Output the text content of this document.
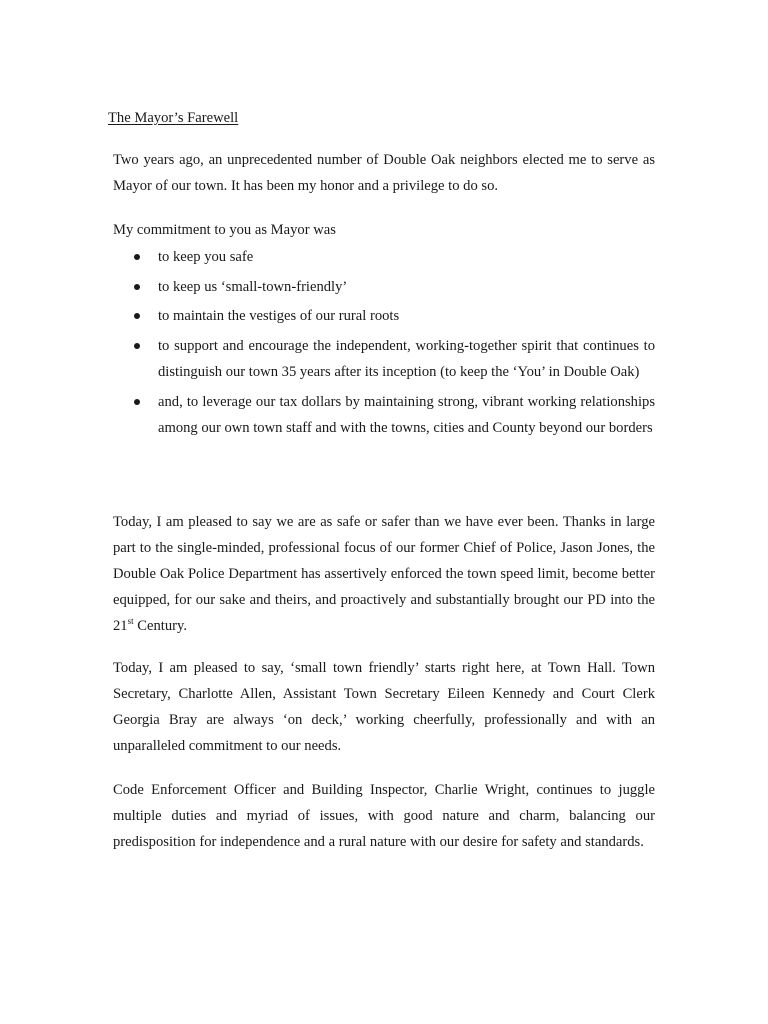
The Mayor’s Farewell

Two years ago, an unprecedented number of Double Oak neighbors elected me to serve as Mayor of our town. It has been my honor and a privilege to do so.

My commitment to you as Mayor was

to keep you safe
to keep us ‘small-town-friendly’
to maintain the vestiges of our rural roots
to support and encourage the independent, working-together spirit that continues to distinguish our town 35 years after its inception (to keep the ‘You’ in Double Oak)
and, to leverage our tax dollars by maintaining strong, vibrant working relationships among our own town staff and with the towns, cities and County beyond our borders

Today, I am pleased to say we are as safe or safer than we have ever been. Thanks in large part to the single-minded, professional focus of our former Chief of Police, Jason Jones, the Double Oak Police Department has assertively enforced the town speed limit, become better equipped, for our sake and theirs, and proactively and substantially brought our PD into the 21st Century.

Today, I am pleased to say, ‘small town friendly’ starts right here, at Town Hall. Town Secretary, Charlotte Allen, Assistant Town Secretary Eileen Kennedy and Court Clerk Georgia Bray are always ‘on deck,’ working cheerfully, professionally and with an unparalleled commitment to our needs.

Code Enforcement Officer and Building Inspector, Charlie Wright, continues to juggle multiple duties and myriad of issues, with good nature and charm, balancing our predisposition for independence and a rural nature with our desire for safety and standards.
